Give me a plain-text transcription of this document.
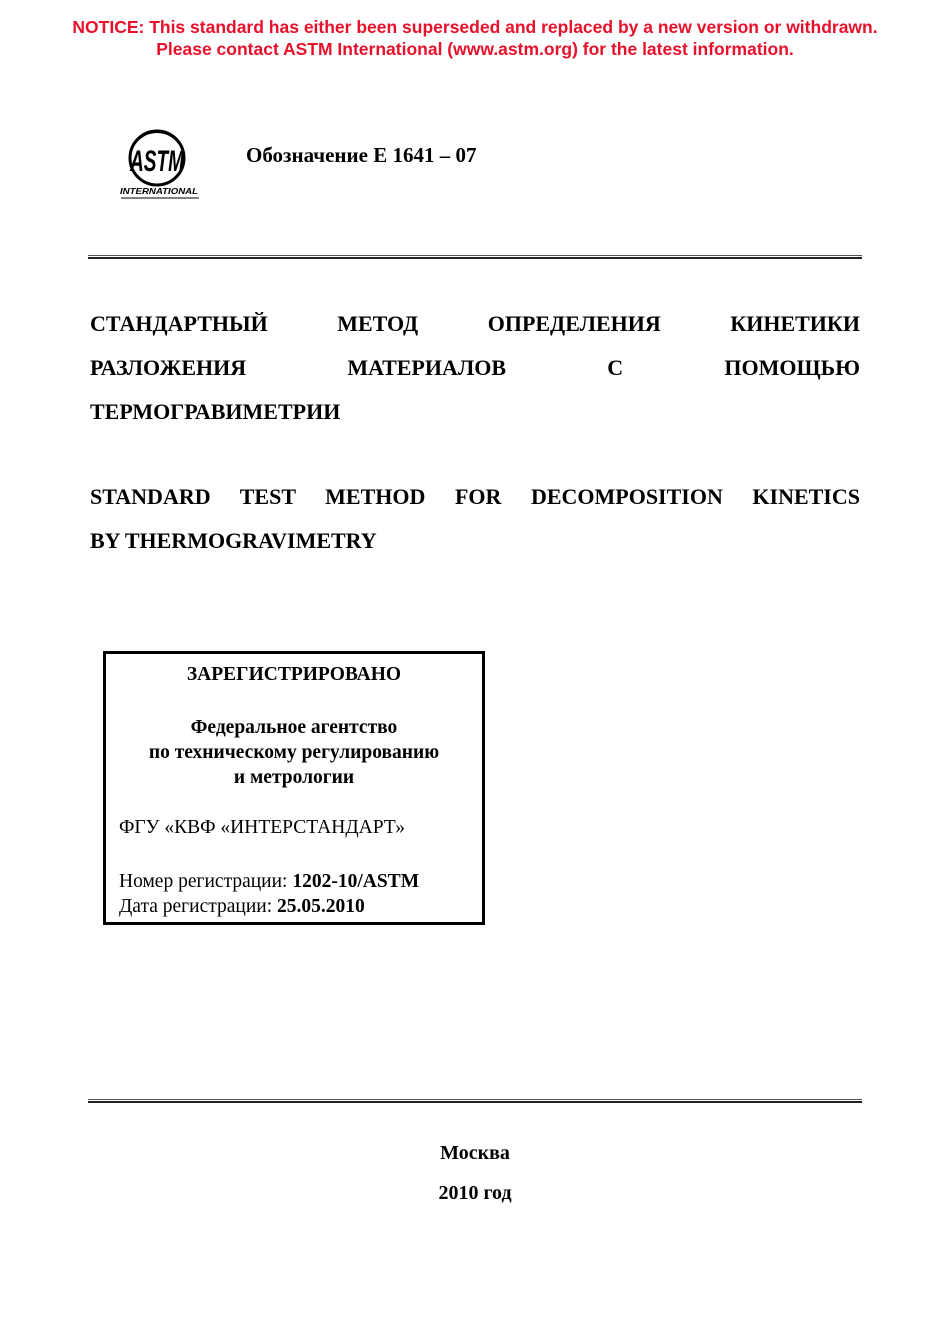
NOTICE: This standard has either been superseded and replaced by a new version or withdrawn.
Please contact ASTM International (www.astm.org) for the latest information.
ASTM
INTERNATIONAL
Обозначение E 1641 – 07
СТАНДАРТНЫЙ	МЕТОД	ОПРЕДЕЛЕНИЯ	КИНЕТИКИ
РАЗЛОЖЕНИЯ	МАТЕРИАЛОВ	С	ПОМОЩЬЮ
ТЕРМОГРАВИМЕТРИИ
STANDARD TEST METHOD FOR DECOMPOSITION KINETICS
BY THERMOGRAVIMETRY
ЗАРЕГИСТРИРОВАНО
Федеральное агентство
по техническому регулированию
и метрологии
ФГУ «КВФ «ИНТЕРСТАНДАРТ»
Номер регистрации: 1202-10/ASTM
Дата регистрации: 25.05.2010
Москва
2010 год
